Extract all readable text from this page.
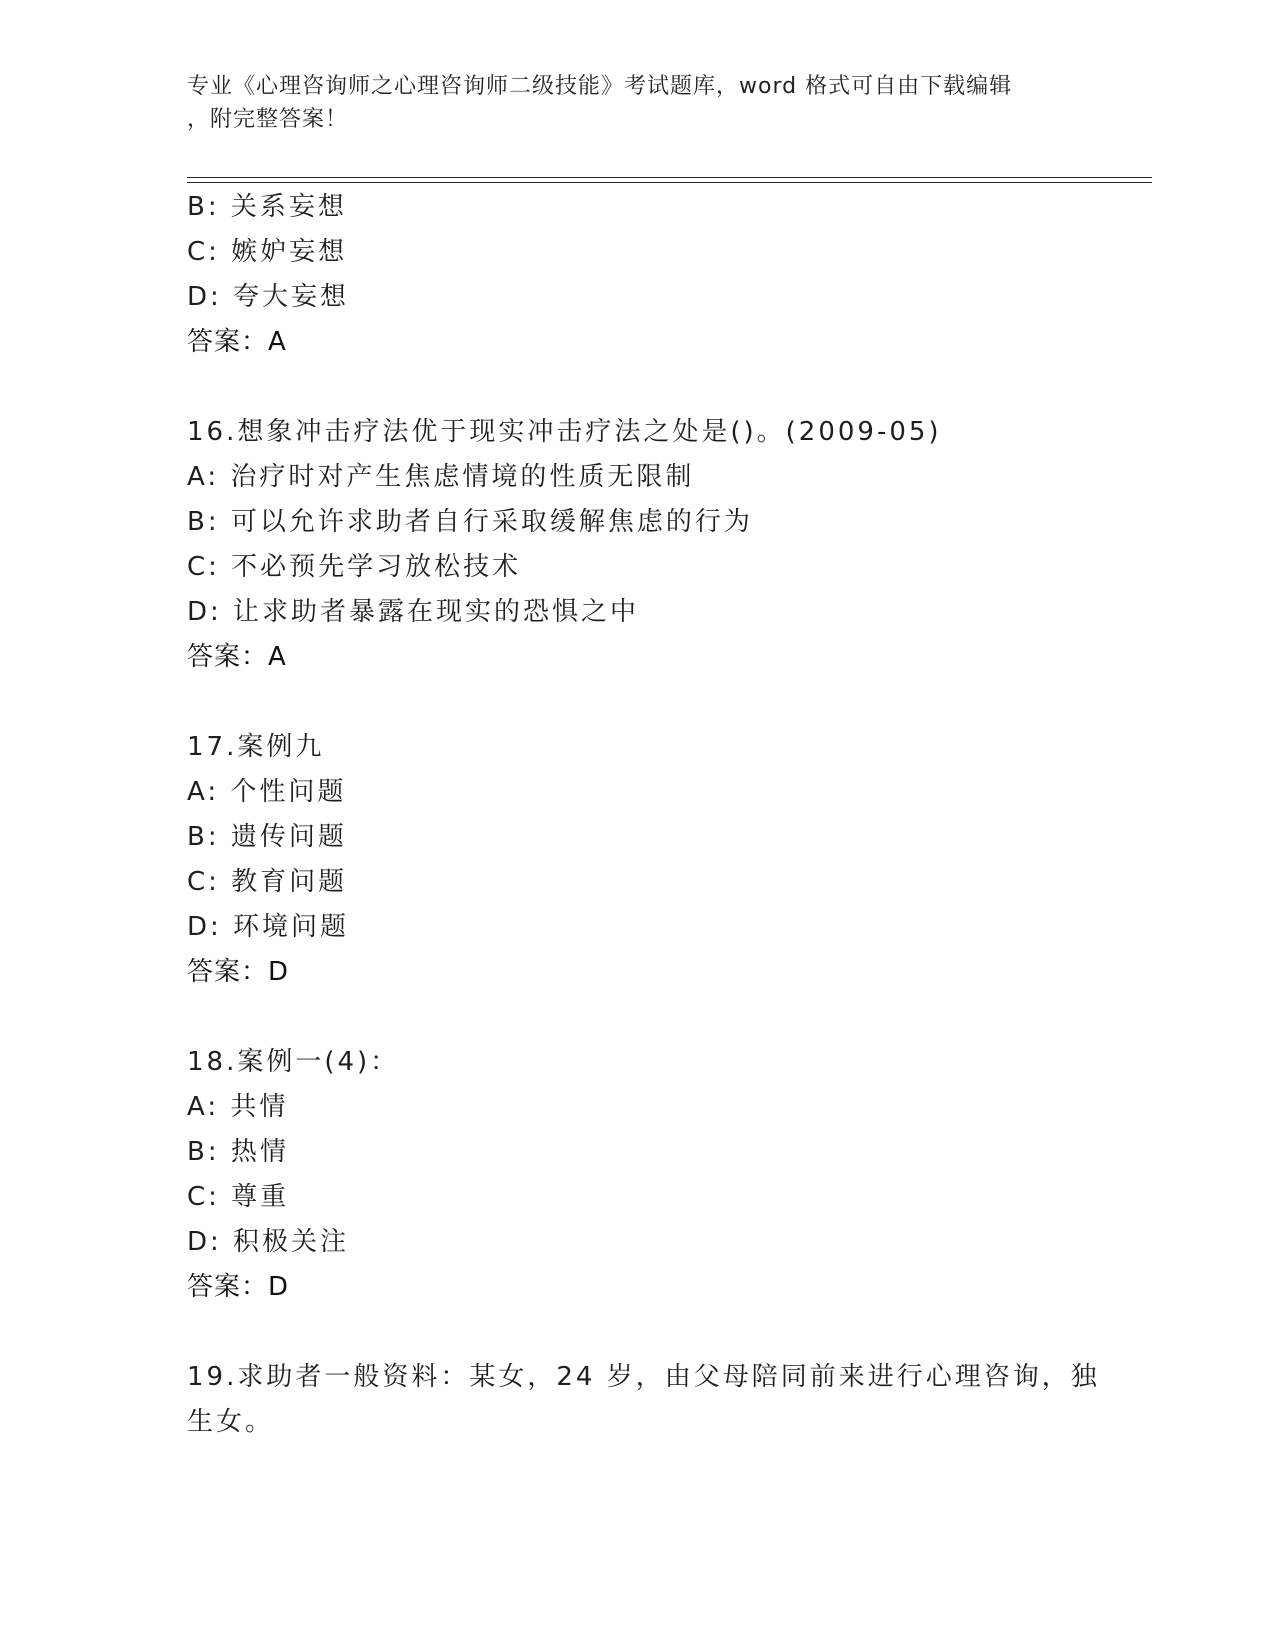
专业《心理咨询师之心理咨询师二级技能》考试题库，word 格式可自由下载编辑
，附完整答案！
B: 关系妄想
C: 嫉妒妄想
D: 夸大妄想
答案：A
16.想象冲击疗法优于现实冲击疗法之处是()。(2009-05)
A: 治疗时对产生焦虑情境的性质无限制
B: 可以允许求助者自行采取缓解焦虑的行为
C: 不必预先学习放松技术
D: 让求助者暴露在现实的恐惧之中
答案：A
17.案例九
A: 个性问题
B: 遗传问题
C: 教育问题
D: 环境问题
答案：D
18.案例一(4)：
A: 共情
B: 热情
C: 尊重
D: 积极关注
答案：D
19.求助者一般资料：某女，24 岁，由父母陪同前来进行心理咨询，独
生女。
